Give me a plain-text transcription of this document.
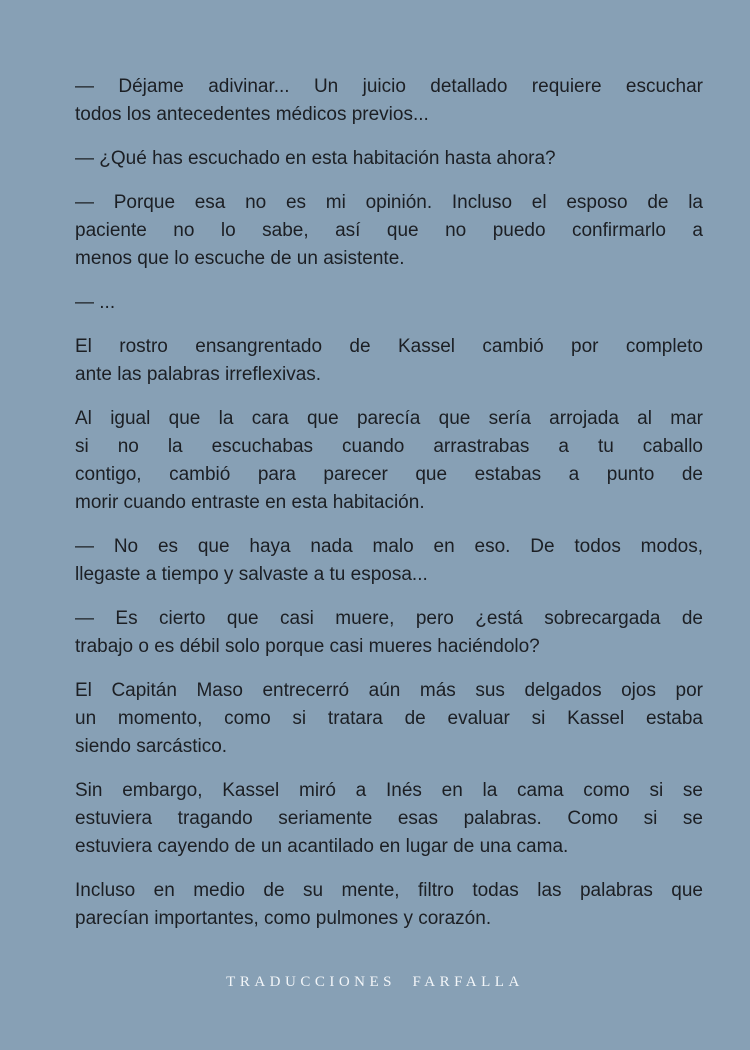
— Déjame adivinar... Un juicio detallado requiere escuchar
todos los antecedentes médicos previos...
— ¿Qué has escuchado en esta habitación hasta ahora?
— Porque esa no es mi opinión. Incluso el esposo de la
paciente no lo sabe, así que no puedo confirmarlo a
menos que lo escuche de un asistente.
— ...
El rostro ensangrentado de Kassel cambió por completo
ante las palabras irreflexivas.
Al igual que la cara que parecía que sería arrojada al mar
si no la escuchabas cuando arrastrabas a tu caballo
contigo, cambió para parecer que estabas a punto de
morir cuando entraste en esta habitación.
— No es que haya nada malo en eso. De todos modos,
llegaste a tiempo y salvaste a tu esposa...
— Es cierto que casi muere, pero ¿está sobrecargada de
trabajo o es débil solo porque casi mueres haciéndolo?
El Capitán Maso entrecerró aún más sus delgados ojos por
un momento, como si tratara de evaluar si Kassel estaba
siendo sarcástico.
Sin embargo, Kassel miró a Inés en la cama como si se
estuviera tragando seriamente esas palabras. Como si se
estuviera cayendo de un acantilado en lugar de una cama.
Incluso en medio de su mente, filtro todas las palabras que
parecían importantes, como pulmones y corazón.
TRADUCCIONES  FARFALLA
